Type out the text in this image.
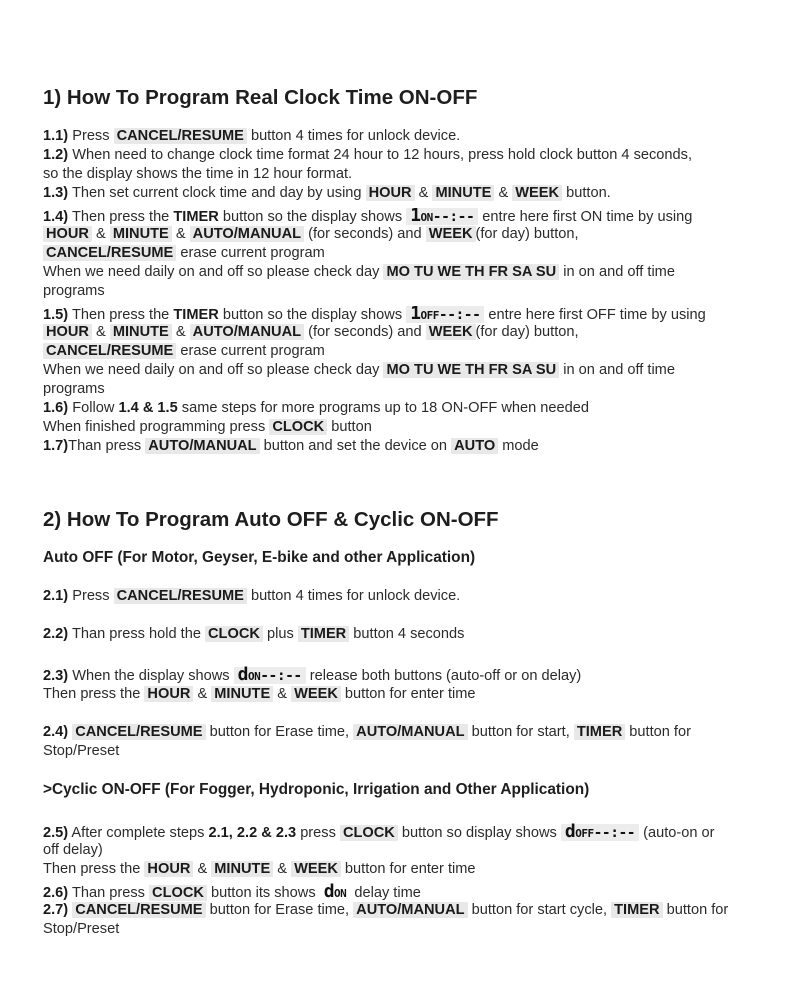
1) How To Program Real Clock Time ON-OFF
1.1) Press CANCEL/RESUME button 4 times for unlock device.
1.2) When need to change clock time format 24 hour to 12 hours, press hold clock button 4 seconds,
so the display shows the time in 12 hour format.
1.3) Then set current clock time and day by using HOUR & MINUTE & WEEK button.
1.4) Then press the TIMER button so the display shows 1ON--:-- entre here first ON time by using
HOUR & MINUTE & AUTO/MANUAL (for seconds) and WEEK (for day) button,
CANCEL/RESUME erase current program
When we need daily on and off so please check day MO TU WE TH FR SA SU in on and off time
programs
1.5) Then press the TIMER button so the display shows 1OFF--:-- entre here first OFF time by using
HOUR & MINUTE & AUTO/MANUAL (for seconds) and WEEK (for day) button,
CANCEL/RESUME erase current program
When we need daily on and off so please check day MO TU WE TH FR SA SU in on and off time
programs
1.6) Follow 1.4 & 1.5 same steps for more programs up to 18 ON-OFF when needed
When finished programming press CLOCK button
1.7)Than press AUTO/MANUAL button and set the device on AUTO mode
2) How To Program Auto OFF & Cyclic ON-OFF
Auto OFF (For Motor, Geyser, E-bike and other Application)
2.1) Press CANCEL/RESUME button 4 times for unlock device.
2.2) Than press hold the CLOCK plus TIMER button 4 seconds
2.3) When the display shows dON--:-- release both buttons (auto-off or on delay)
Then press the HOUR & MINUTE & WEEK button for enter time
2.4) CANCEL/RESUME button for Erase time, AUTO/MANUAL button for start, TIMER button for
Stop/Preset
>Cyclic ON-OFF (For Fogger, Hydroponic, Irrigation and Other Application)
2.5) After complete steps 2.1, 2.2 & 2.3 press CLOCK button so display shows dOFF--:-- (auto-on or
off delay)
Then press the HOUR & MINUTE & WEEK button for enter time
2.6) Than press CLOCK button its shows dON delay time
2.7) CANCEL/RESUME button for Erase time, AUTO/MANUAL button for start cycle, TIMER button for
Stop/Preset
